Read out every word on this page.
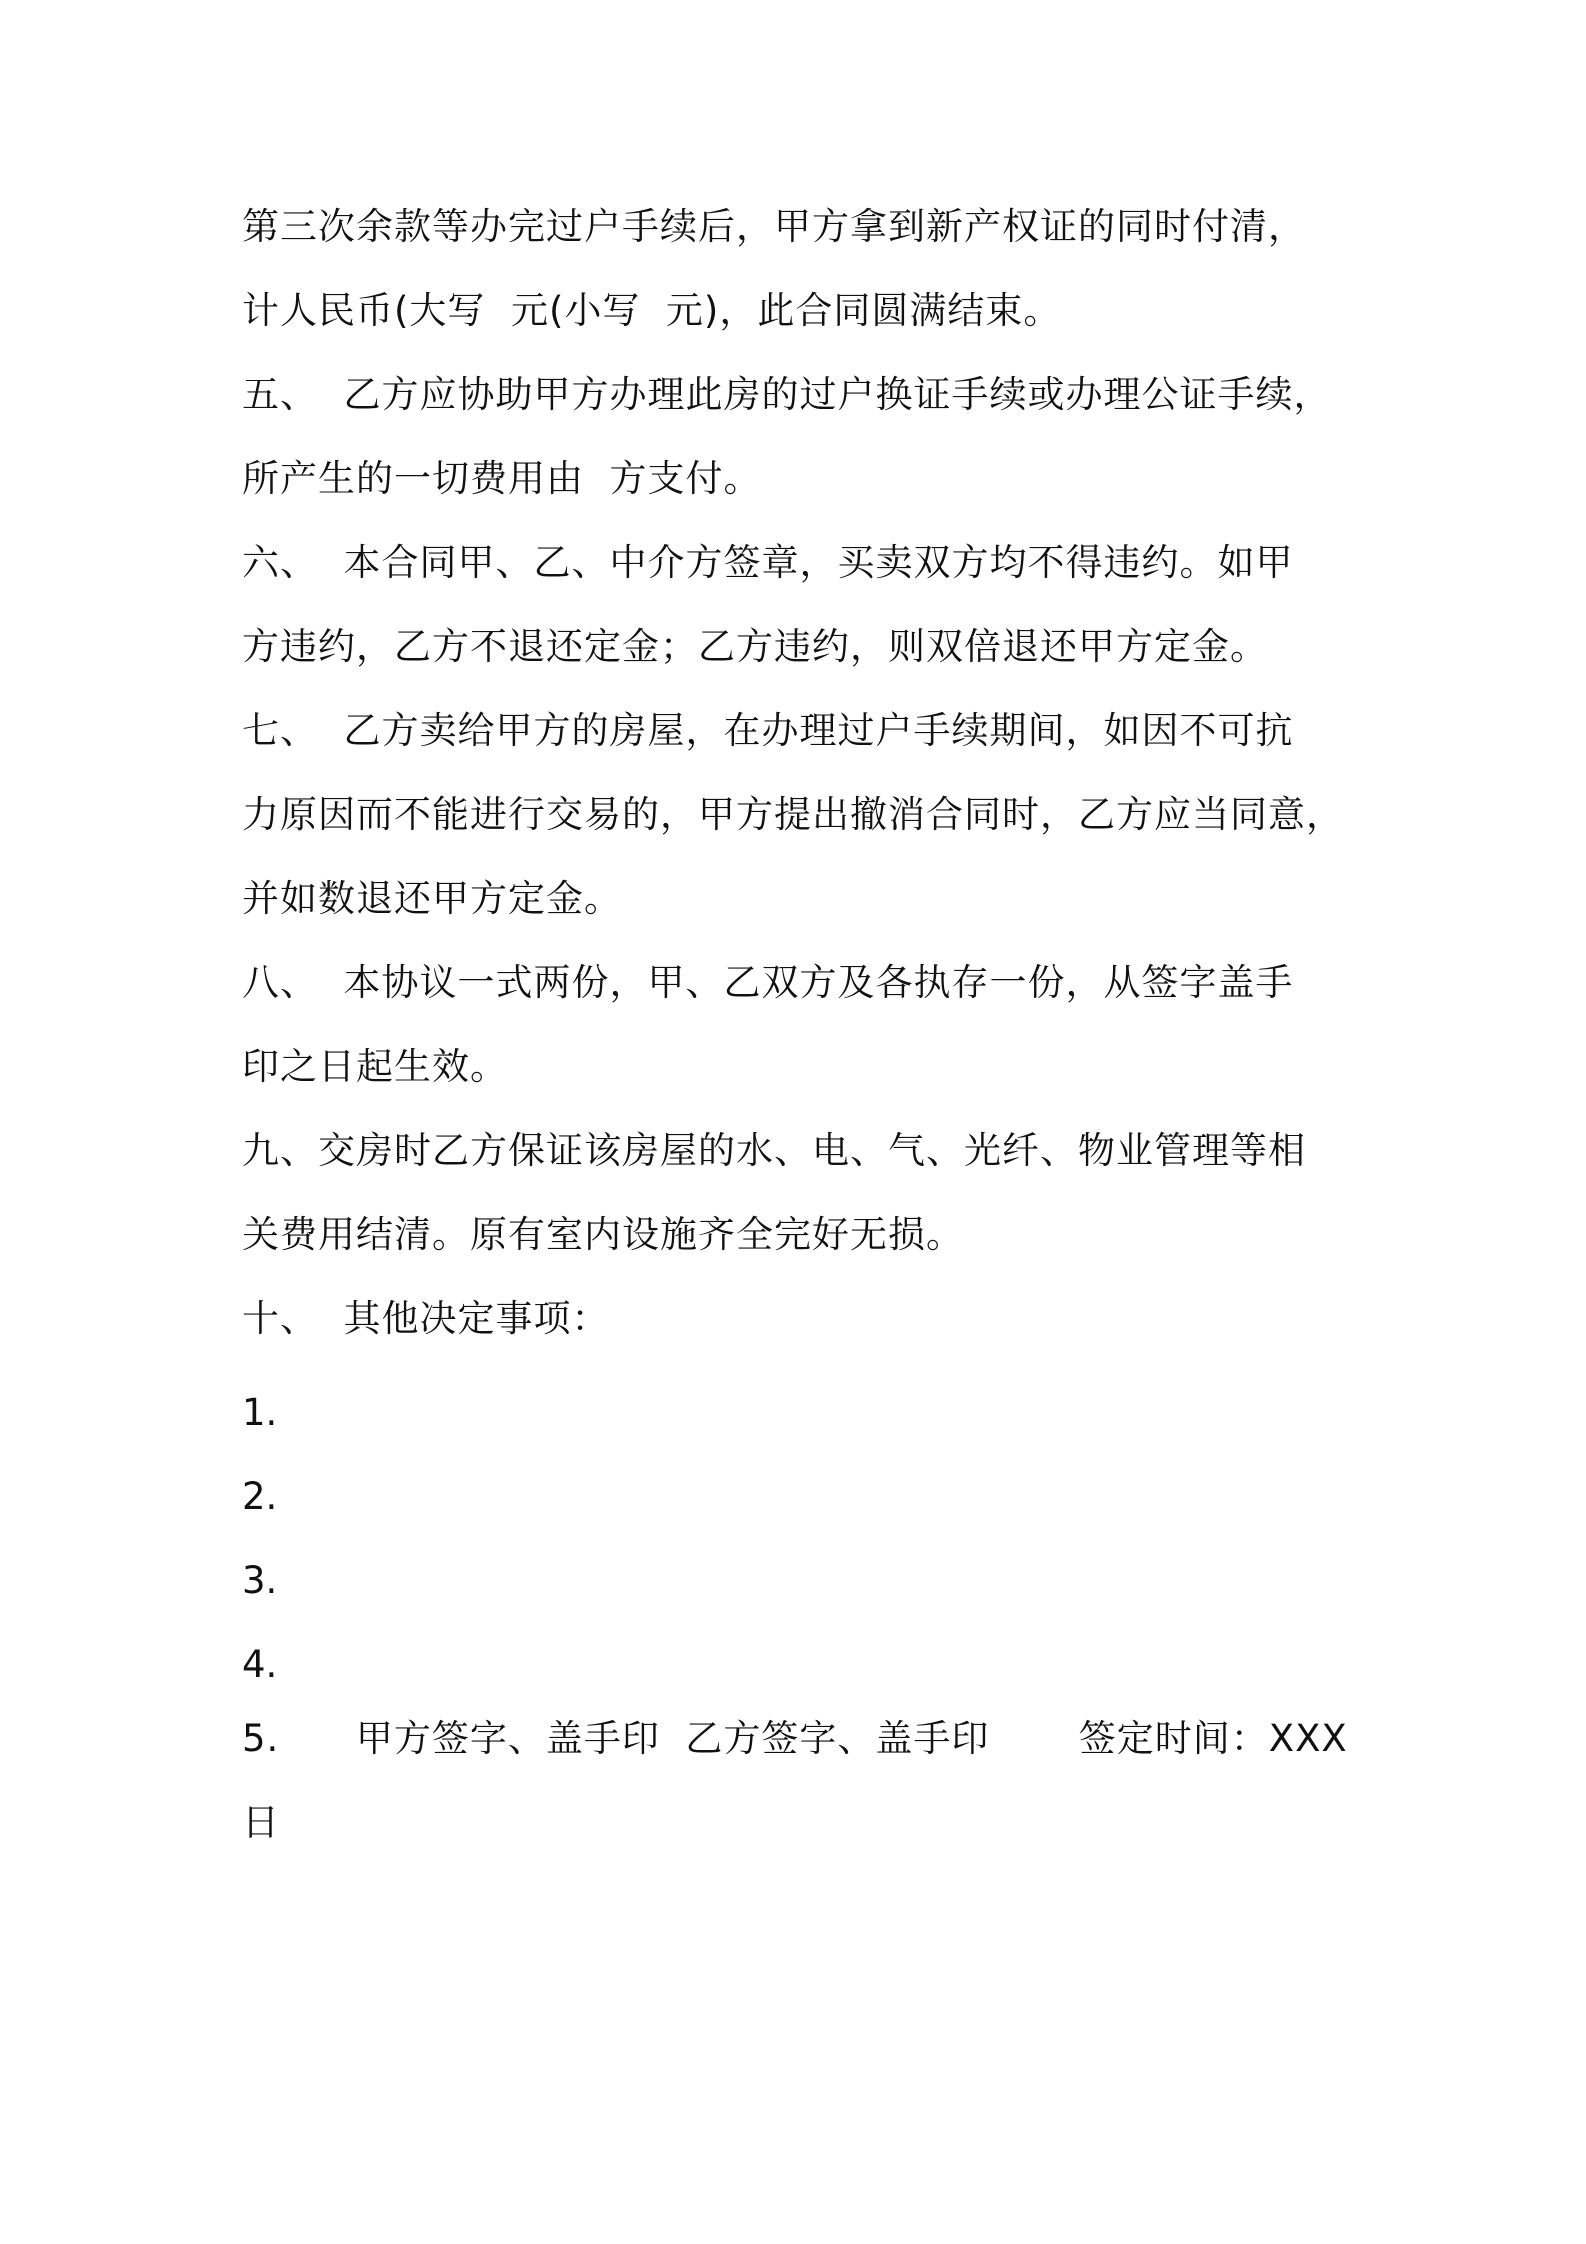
第三次余款等办完过户手续后，甲方拿到新产权证的同时付清，
计人民币(大写  元(小写  元)，此合同圆满结束。
五、  乙方应协助甲方办理此房的过户换证手续或办理公证手续，
所产生的一切费用由  方支付。
六、  本合同甲、乙、中介方签章，买卖双方均不得违约。如甲
方违约，乙方不退还定金；乙方违约，则双倍退还甲方定金。
七、  乙方卖给甲方的房屋，在办理过户手续期间，如因不可抗
力原因而不能进行交易的，甲方提出撤消合同时，乙方应当同意，
并如数退还甲方定金。
八、  本协议一式两份，甲、乙双方及各执存一份，从签字盖手
印之日起生效。
九、交房时乙方保证该房屋的水、电、气、光纤、物业管理等相
关费用结清。原有室内设施齐全完好无损。
十、  其他决定事项：
1.
2.
3.
4.
5.      甲方签字、盖手印  乙方签字、盖手印       签定时间：XXX
日
